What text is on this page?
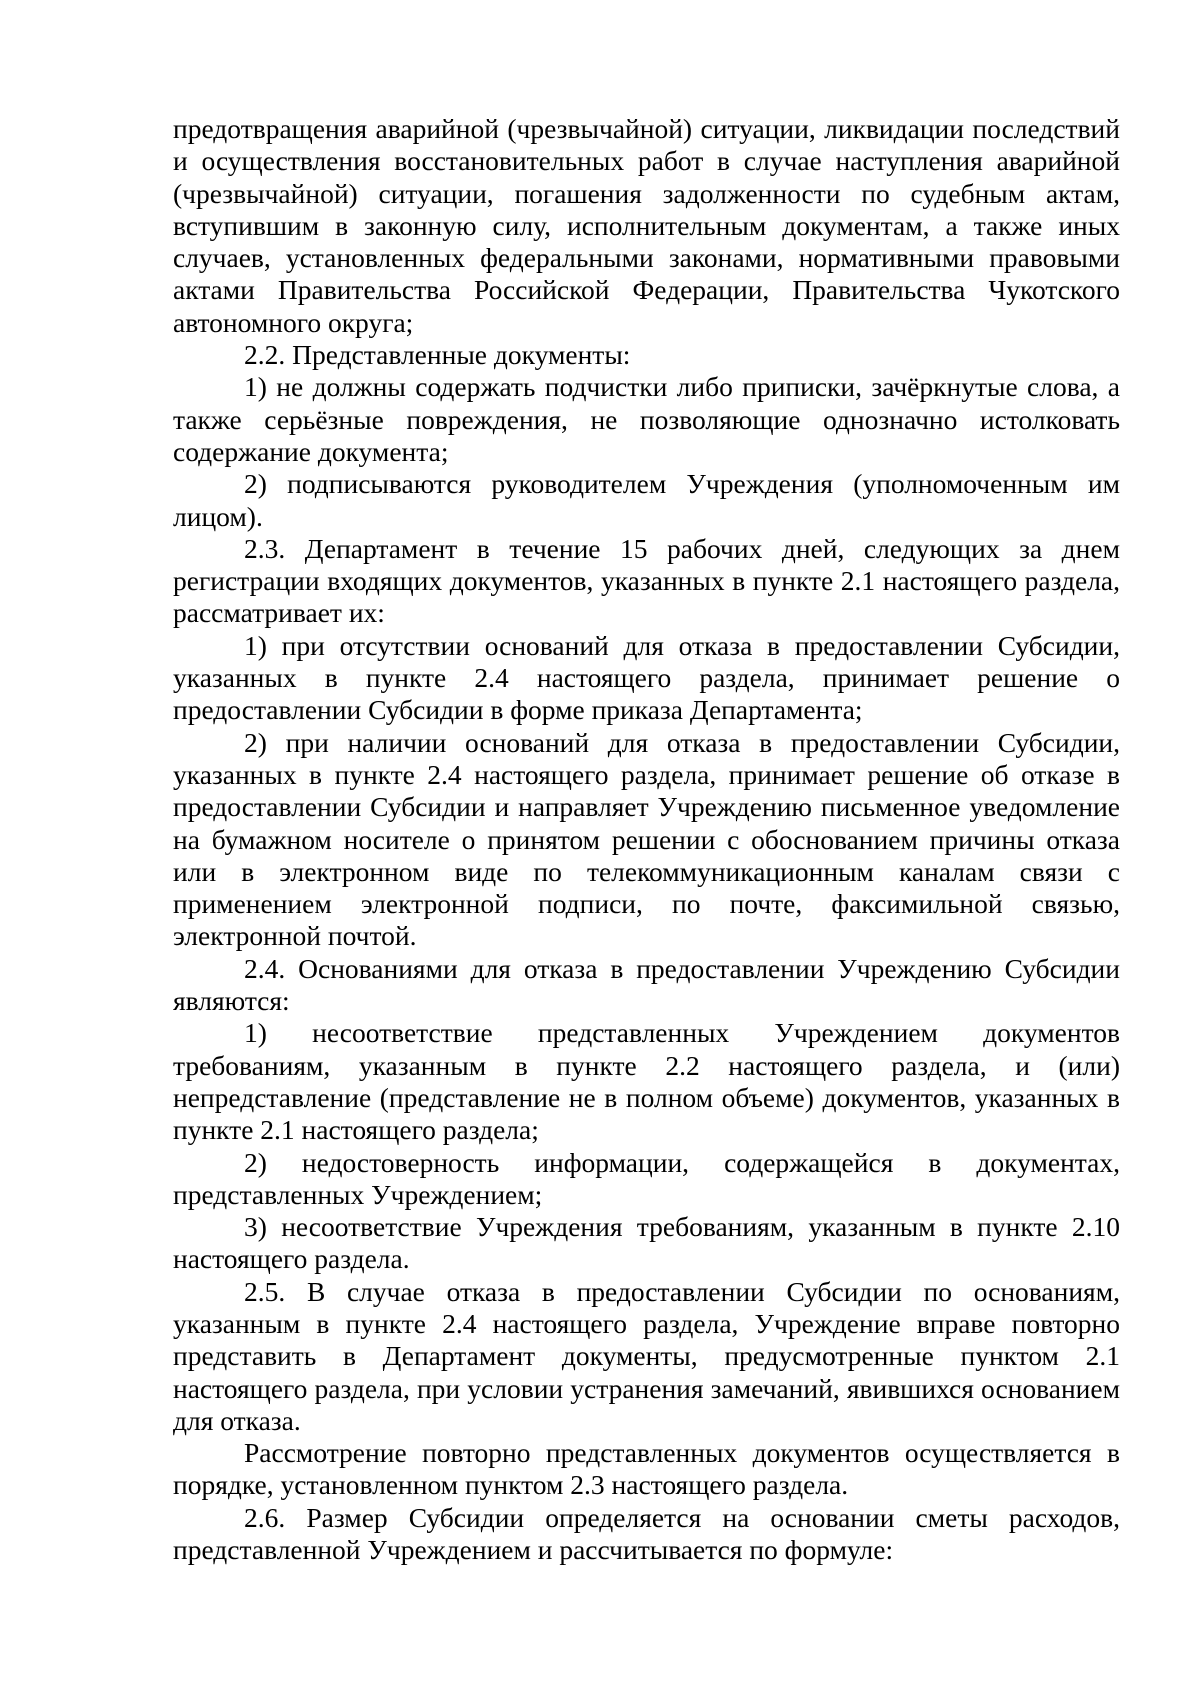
предотвращения аварийной (чрезвычайной) ситуации, ликвидации последствий и осуществления восстановительных работ в случае наступления аварийной (чрезвычайной) ситуации, погашения задолженности по судебным актам, вступившим в законную силу, исполнительным документам, а также иных случаев, установленных федеральными законами, нормативными правовыми актами Правительства Российской Федерации, Правительства Чукотского автономного округа;

2.2. Представленные документы:

1) не должны содержать подчистки либо приписки, зачёркнутые слова, а также серьёзные повреждения, не позволяющие однозначно истолковать содержание документа;

2) подписываются руководителем Учреждения (уполномоченным им лицом).

2.3. Департамент в течение 15 рабочих дней, следующих за днем регистрации входящих документов, указанных в пункте 2.1 настоящего раздела, рассматривает их:

1) при отсутствии оснований для отказа в предоставлении Субсидии, указанных в пункте 2.4 настоящего раздела, принимает решение о предоставлении Субсидии в форме приказа Департамента;

2) при наличии оснований для отказа в предоставлении Субсидии, указанных в пункте 2.4 настоящего раздела, принимает решение об отказе в предоставлении Субсидии и направляет Учреждению письменное уведомление на бумажном носителе о принятом решении с обоснованием причины отказа или в электронном виде по телекоммуникационным каналам связи с применением электронной подписи, по почте, факсимильной связью, электронной почтой.

2.4. Основаниями для отказа в предоставлении Учреждению Субсидии являются:

1) несоответствие представленных Учреждением документов требованиям, указанным в пункте 2.2 настоящего раздела, и (или) непредставление (представление не в полном объеме) документов, указанных в пункте 2.1 настоящего раздела;

2) недостоверность информации, содержащейся в документах, представленных Учреждением;

3) несоответствие Учреждения требованиям, указанным в пункте 2.10 настоящего раздела.

2.5. В случае отказа в предоставлении Субсидии по основаниям, указанным в пункте 2.4 настоящего раздела, Учреждение вправе повторно представить в Департамент документы, предусмотренные пунктом 2.1 настоящего раздела, при условии устранения замечаний, явившихся основанием для отказа.

Рассмотрение повторно представленных документов осуществляется в порядке, установленном пунктом 2.3 настоящего раздела.

2.6. Размер Субсидии определяется на основании сметы расходов, представленной Учреждением и рассчитывается по формуле:
